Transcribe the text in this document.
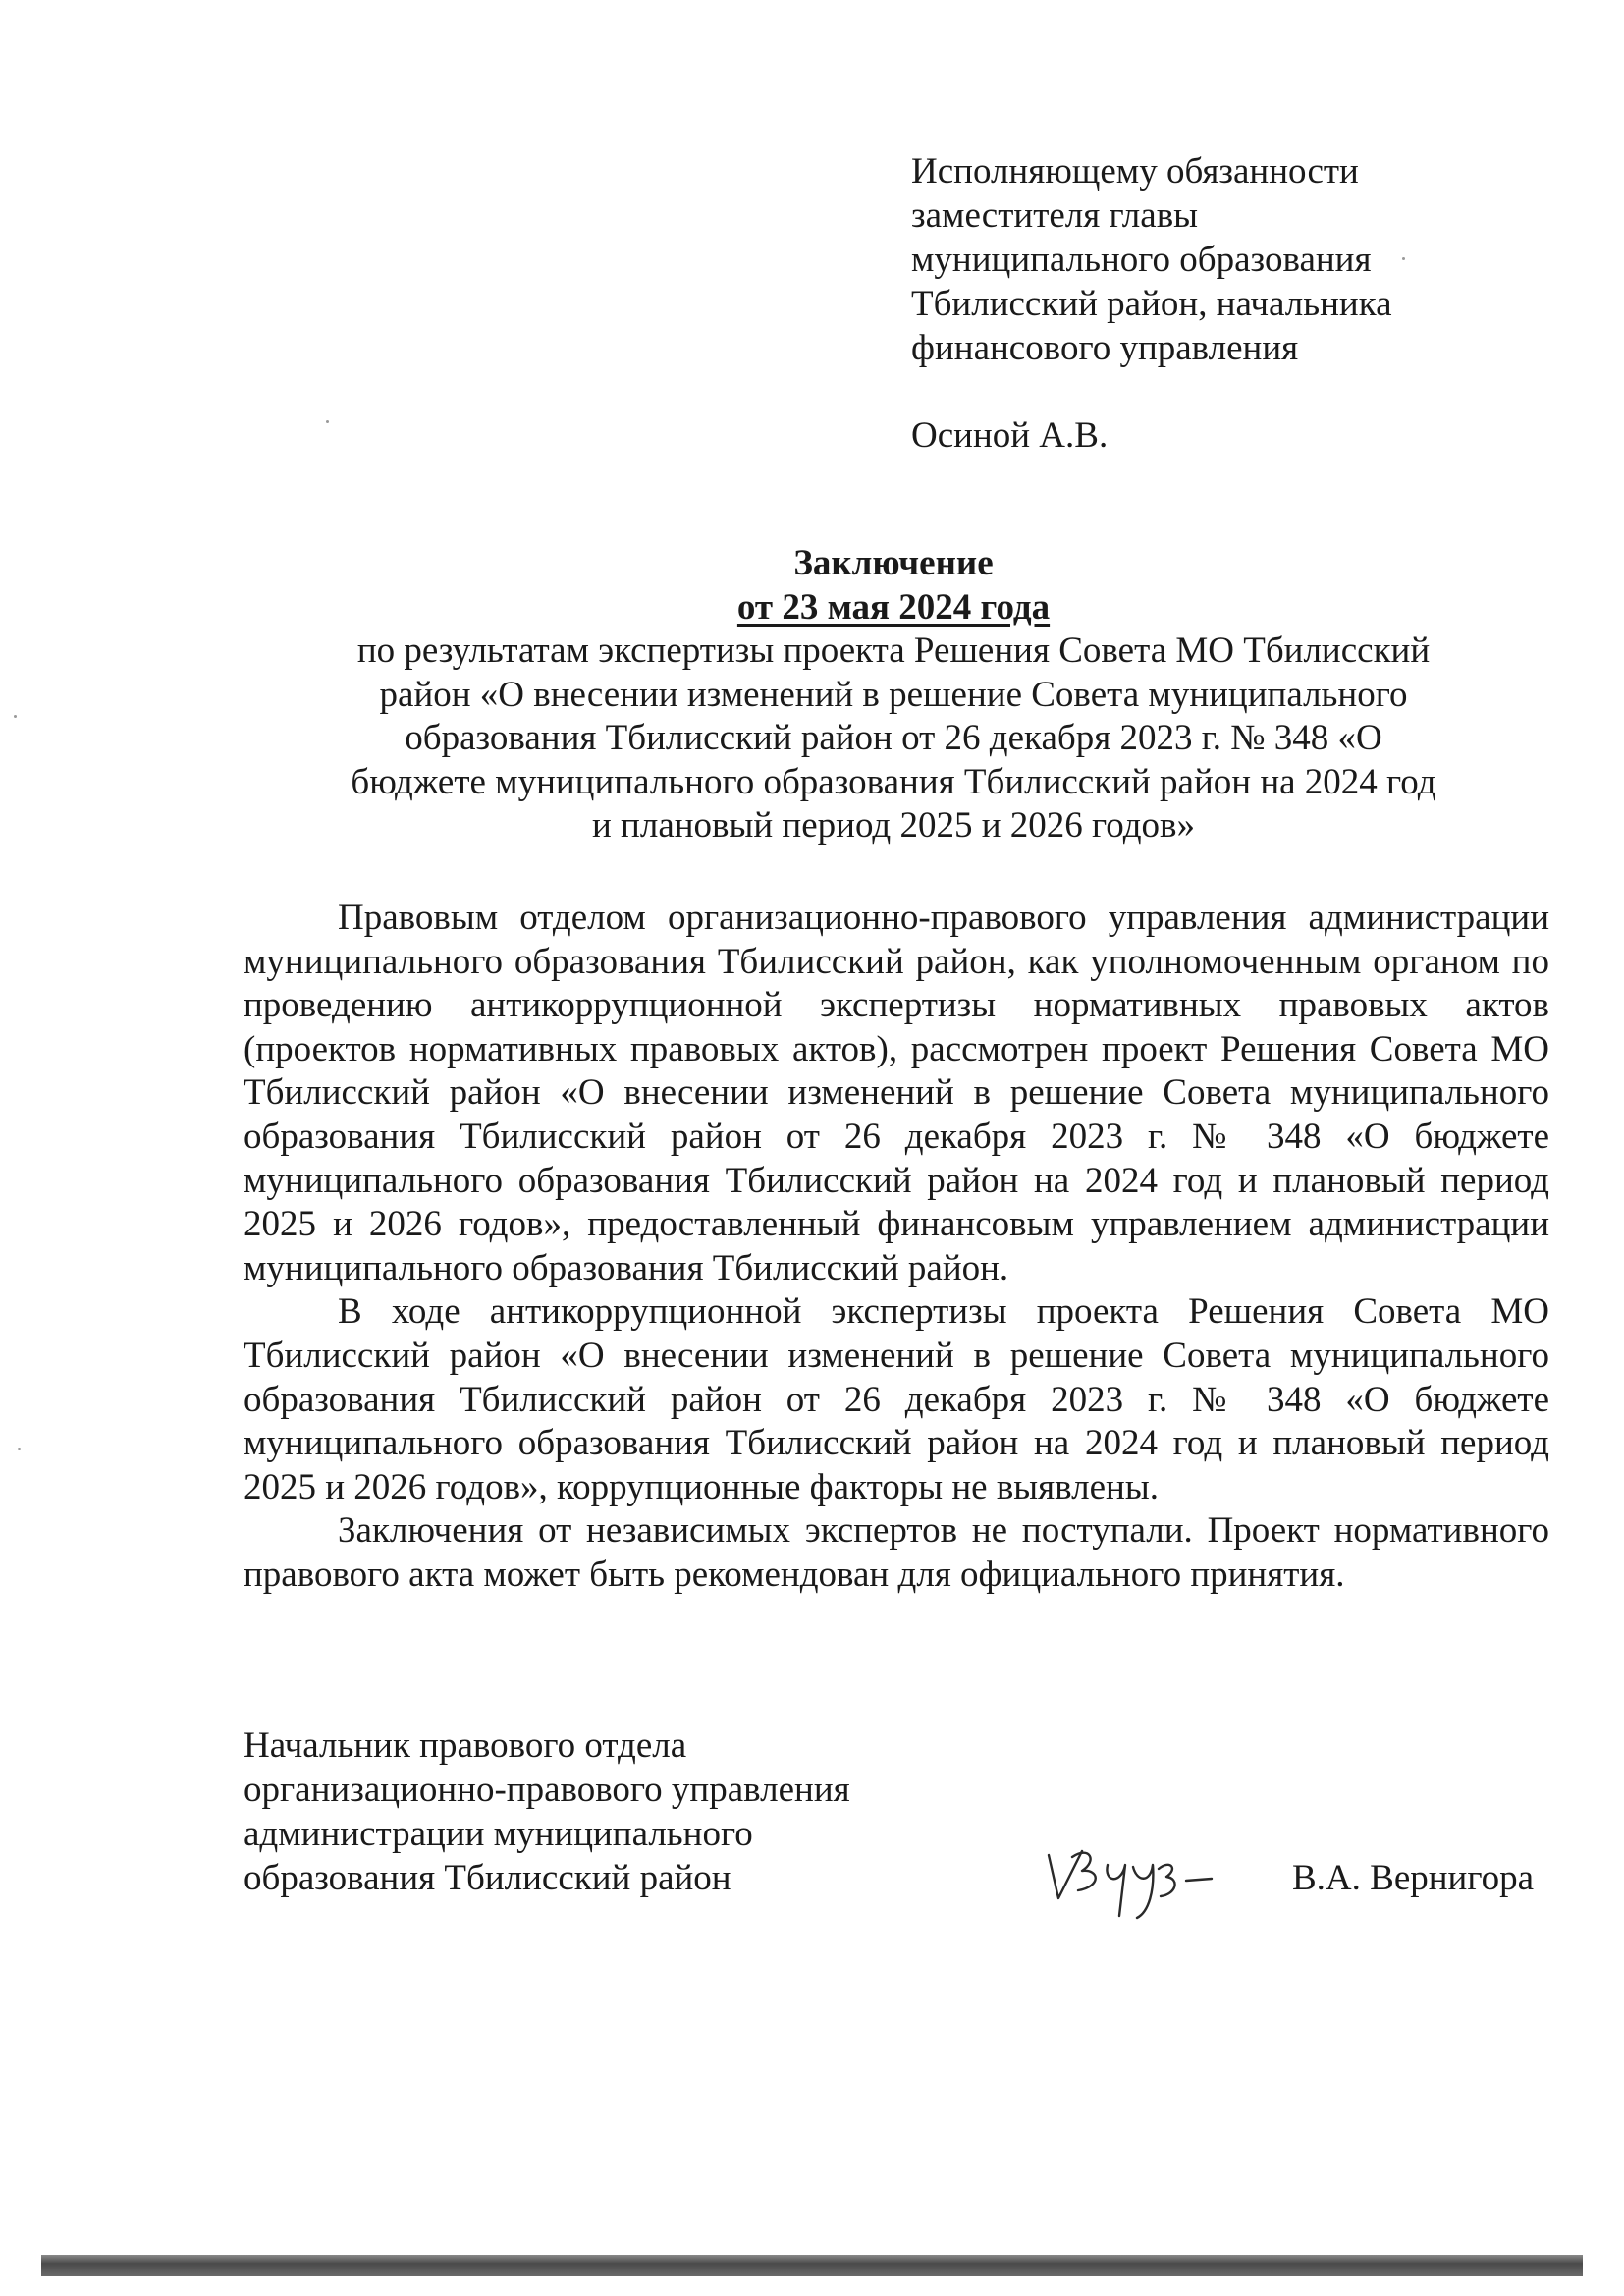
Исполняющему обязанности
заместителя главы
муниципального образования
Тбилисский район, начальника
финансового управления
Осиной А.В.
Заключение
от 23 мая 2024 года
по результатам экспертизы проекта Решения Совета МО Тбилисский
район «О внесении изменений в решение Совета муниципального
образования Тбилисский район от 26 декабря 2023 г. № 348 «О
бюджете муниципального образования Тбилисский район на 2024 год
и плановый период 2025 и 2026 годов»

Правовым отделом организационно-правового управления администрации муниципального образования Тбилисский район, как уполномоченным органом по проведению антикоррупционной экспертизы нормативных правовых актов (проектов нормативных правовых актов), рассмотрен проект Решения Совета МО Тбилисский район «О внесении изменений в решение Совета муниципального образования Тбилисский район от 26 декабря 2023 г. № 348 «О бюджете муниципального образования Тбилисский район на 2024 год и плановый период 2025 и 2026 годов», предоставленный финансовым управлением администрации муниципального образования Тбилисский район.

В ходе антикоррупционной экспертизы проекта Решения Совета МО Тбилисский район «О внесении изменений в решение Совета муниципального образования Тбилисский район от 26 декабря 2023 г. № 348 «О бюджете муниципального образования Тбилисский район на 2024 год и плановый период 2025 и 2026 годов», коррупционные факторы не выявлены.

Заключения от независимых экспертов не поступали. Проект нормативного правового акта может быть рекомендован для официального принятия.

Начальник правового отдела
организационно-правового управления
администрации муниципального
образования Тбилисский район	В.А. Вернигора
